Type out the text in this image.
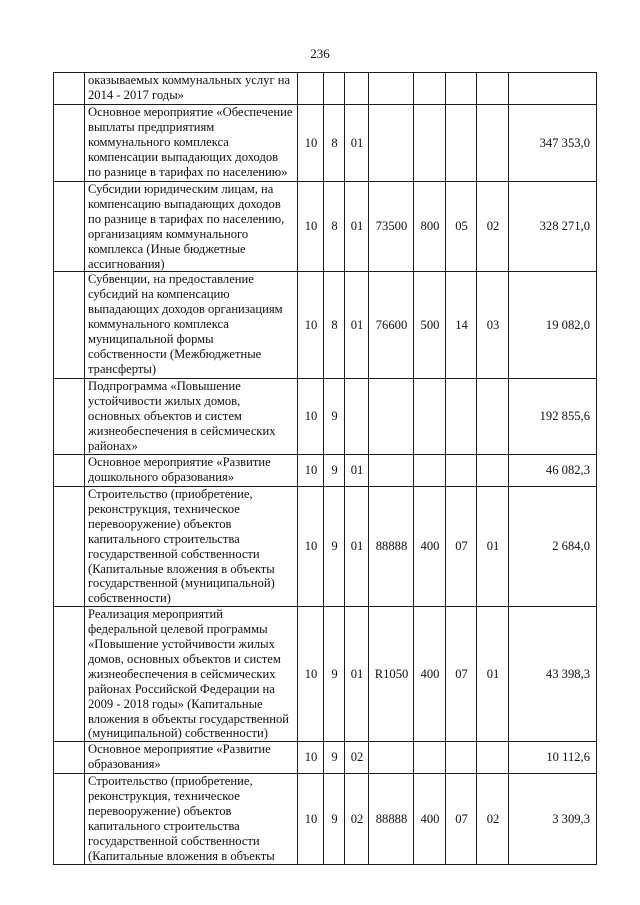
236
	оказываемых коммунальных услуг на 2014 - 2017 годы»								
	Основное мероприятие «Обеспечение выплаты предприятиям коммунального комплекса компенсации выпадающих доходов по разнице в тарифах по населению»	10	8	01					347 353,0
	Субсидии юридическим лицам, на компенсацию выпадающих доходов по разнице в тарифах по населению, организациям коммунального комплекса (Иные бюджетные ассигнования)	10	8	01	73500	800	05	02	328 271,0
	Субвенции, на предоставление субсидий на компенсацию выпадающих доходов организациям коммунального комплекса муниципальной формы собственности (Межбюджетные трансферты)	10	8	01	76600	500	14	03	19 082,0
	Подпрограмма «Повышение устойчивости жилых домов, основных объектов и систем жизнеобеспечения в сейсмических районах»	10	9						192 855,6
	Основное мероприятие «Развитие дошкольного образования»	10	9	01					46 082,3
	Строительство (приобретение, реконструкция, техническое перевооружение) объектов капитального строительства государственной собственности (Капитальные вложения в объекты государственной (муниципальной) собственности)	10	9	01	88888	400	07	01	2 684,0
	Реализация мероприятий федеральной целевой программы «Повышение устойчивости жилых домов, основных объектов и систем жизнеобеспечения в сейсмических районах Российской Федерации на 2009 - 2018 годы» (Капитальные вложения в объекты государственной (муниципальной) собственности)	10	9	01	R1050	400	07	01	43 398,3
	Основное мероприятие «Развитие образования»	10	9	02					10 112,6
	Строительство (приобретение, реконструкция, техническое перевооружение) объектов капитального строительства государственной собственности (Капитальные вложения в объекты	10	9	02	88888	400	07	02	3 309,3
